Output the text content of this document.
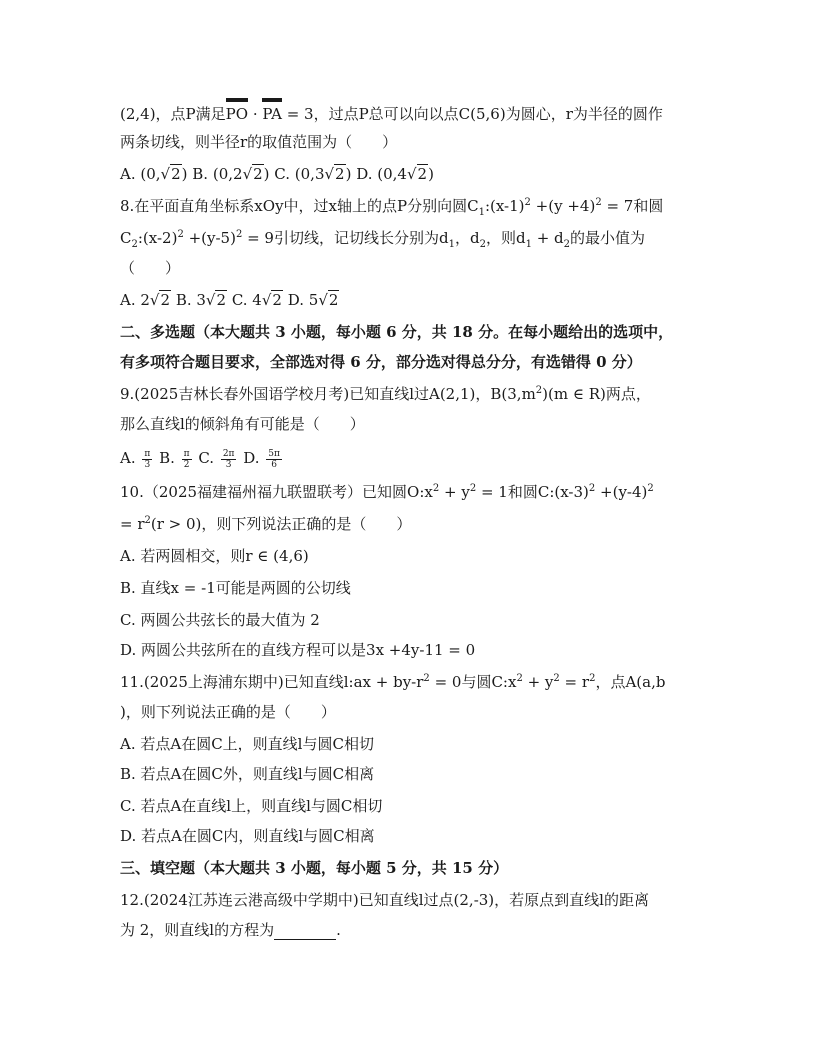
(2,4)，点P满足PO · PA = 3，过点P总可以向以点C(5,6)为圆心，r为半径的圆作
两条切线，则半径r的取值范围为（　　）
A. (0,√2) B. (0,2√2) C. (0,3√2) D. (0,4√2)
8.在平面直角坐标系xOy中，过x轴上的点P分别向圆$C_1:(x-1)^2 +(y +4)^2 = 7$和圆
$C_2:(x-2)^2 +(y-5)^2 = 9$引切线，记切线长分别为$d_1$，$d_2$，则$d_1 + d_2$的最小值为
（　　）
A. 2√2 B. 3√2 C. 4√2 D. 5√2
二、多选题（本大题共 3 小题，每小题 6 分，共 18 分。在每小题给出的选项中，
有多项符合题目要求，全部选对得 6 分，部分选对得总分分，有选错得 0 分）
9.(2025吉林长春外国语学校月考)已知直线l过A(2,1)，$B(3,m^2)(m$ ∈ R)两点，
那么直线l的倾斜角有可能是（　　）
A. $\frac{\pi}{3} B$. $\frac{\pi}{2} C$. $\frac{2\pi}{3} D$. $\frac{5\pi}{6}$
10.（2025福建福州福九联盟联考）已知圆$O:x^2 + y^2 = 1$和圆$C:(x-3)^2 +(y-4)^2$
= $r^2(r > 0)$，则下列说法正确的是（　　）
A. 若两圆相交，则r ∈ (4,6)
B. 直线x = -1可能是两圆的公切线
C. 两圆公共弦长的最大值为 2
D. 两圆公共弦所在的直线方程可以是3x +4y-11 = 0
11.(2025上海浦东期中)已知直线l:ax + $by-r^2 = 0$与圆$C:x^2 + y^2 = r^2$，点A(a,b
)，则下列说法正确的是（　　）
A. 若点A在圆C上，则直线l与圆C相切
B. 若点A在圆C外，则直线l与圆C相离
C. 若点A在直线l上，则直线l与圆C相切
D. 若点A在圆C内，则直线l与圆C相离
三、填空题（本大题共 3 小题，每小题 5 分，共 15 分）
12.(2024江苏连云港高级中学期中)已知直线l过点(2,-3)，若原点到直线l的距离
为 2，则直线l的方程为	.
